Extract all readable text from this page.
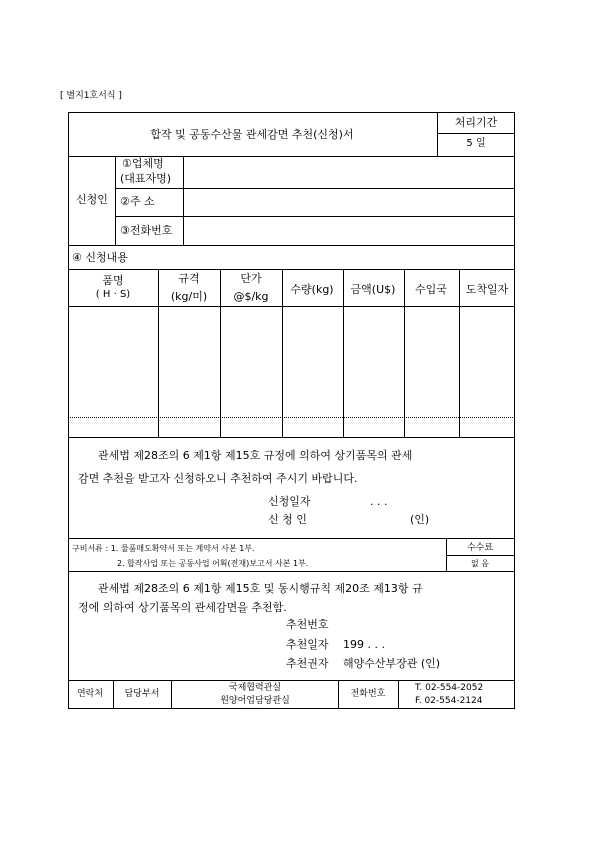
[ 별지1호서식 ]
합작 및 공동수산물 관세감면 추천(신청)서
처리기간
5 일
신청인
①업체명
(대표자명)
②주 소
③전화번호
④ 신청내용
품명
( H · S)
규격
(kg/미)
단가
@$/kg
수량(kg) 금액(U$) 수입국 도착일자
관세법 제28조의 6 제1항 제15호 규정에 의하여 상기품목의 관세
감면 추천을 받고자 신청하오니 추천하여 주시기 바랍니다.
신청일자	. . .
신 청 인	(인)
구비서류 : 1. 물품매도확약서 또는 계약서 사본 1부.
2. 합작사업 또는 공동사업 어획(전재)보고서 사본 1부.
수수료
없 음
관세법 제28조의 6 제1항 제15호 및 동시행규칙 제20조 제13항 규
정에 의하여 상기품목의 관세감면을 추천함.
추천번호
추천일자 199 . . .
추천권자 해양수산부장관 (인)
연락처 담당부서
국제협력관실
원양어업담당관실
전화번호
T. 02-554-2052
F. 02-554-2124
